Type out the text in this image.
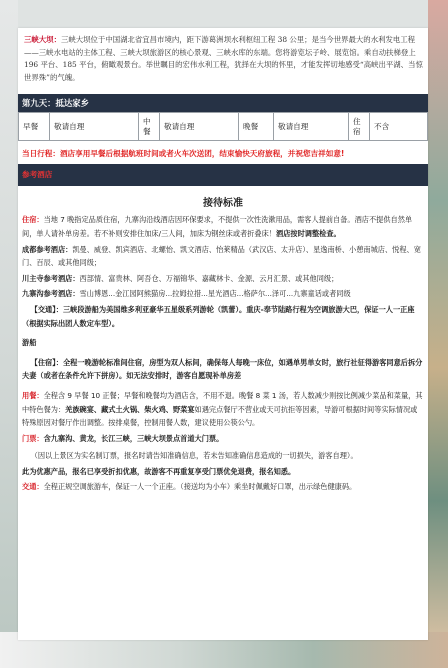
三峡大坝：三峡大坝位于中国湖北省宜昌市境内，距下游葛洲坝水利枢纽工程 38 公里；是当今世界最大的水利发电工程——三峡水电站的主体工程、三峡大坝旅游区的核心景观、三峡水库的东端。您将游览坛子岭、展览馆。乘自动扶梯登上 196 平台、185 平台，俯瞰观景台。举世瞩目的宏伟水利工程，犹择在大坝的怀里，才能发挥切地感受“高峡出平湖、当惊世界殊”的气魄。
第九天：抵达家乡
早餐	敬请自理	中餐	敬请自理	晚餐	敬请自理	住宿	不含
当日行程：酒店享用早餐后根据航班时间或者火车次送团，结束愉快天府旅程，并祝您吉祥如意!
参考酒店
接待标准

住宿：当地 7 晚指定品质住宿，九寨沟沿线酒店因环保要求，不提供一次性洗漱用品，需客人提前自备。酒店不提供自然单间，单人请补单房差。若不补则安排住加床/三人间，加床为钢丝床或者折叠床！酒店按时调整检查。

成都参考酒店：凯曼、威登、凯宾酒店、北螺怡、凯文酒店、怡莱精品（武汉店、太升店）、星逸南桥、小憩南城店、悦程、宽门、百辰、或其他同级；

川主寺参考酒店：西部情、富贵林、阿吾仓、万福锦华、嘉藏林卡、金源、云月汇景、或其他同级；

九寨沟参考酒店：雪山博恩...金江园阿熊猫房...拉姆拉措...星光酒店...格萨尔...泽可...九寨童话或者同级

【交通】：三峡段游船为美国维多利亚豪华五星级系列游轮（凯蕾）。重庆-奉节陆路行程为空调旅游大巴，保证一人一正座（根据实际出团人数定车型）。

游船

【住宿】：全程一晚游轮标准间住宿，房型为双人标间，确保每人每晚一床位，如遇单男单女时，旅行社征得游客同意后拆分夫妻（或者在条件允许下拼房）。如无法安排时，游客自愿现补单房差

用餐：全程含 9 早餐 10 正餐；早餐和晚餐均为酒店含，不用不退。晚餐 8 菜 1 汤，若人数减少则按比例减少菜品和菜量，其中特色餐为：羌族碗宴、藏式土火锅、柴火鸡、野菜宴如遇完点餐厅不营业或天可抗拒等因素，导游可根据时间等实际情况或特殊原因对餐厅作出调整。按排桌餐，控制用餐人数，建议使用公筷公勺。

门票：含九寨沟、黄龙，长江三峡，三峡大坝景点首道大门票。

（因以上景区为实名制订票，报名时请告知准确信息，若未告知准确信息造成的一切损失，游客自理）。

此为优惠产品，报名已享受折扣优惠，故游客不再重复享受门票优免退费，报名知悉。

交通：全程正规空调旅游车，保证一人一个正座。（接送均为小车）乘坐时佩戴好口罩，出示绿色健康码。
